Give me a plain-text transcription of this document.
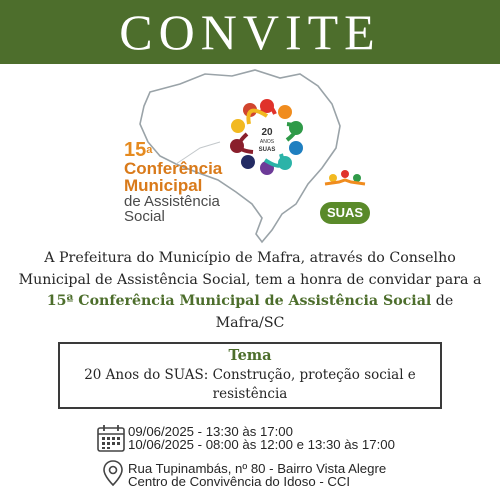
CONVITE
15$^a$
Conferência
Municipal
de Assistência
Social
20
ANOS
SUAS
SUAS
A Prefeitura do Município de Mafra, através do Conselho Municipal de Assistência Social, tem a honra de convidar para a 15ª Conferência Municipal de Assistência Social de Mafra/SC
Tema
20 Anos do SUAS: Construção, proteção social e resistência
09/06/2025 - 13:30 às 17:00
10/06/2025 - 08:00 às 12:00 e 13:30 às 17:00
Rua Tupinambás, nº 80 - Bairro Vista Alegre
Centro de Convivência do Idoso - CCI
